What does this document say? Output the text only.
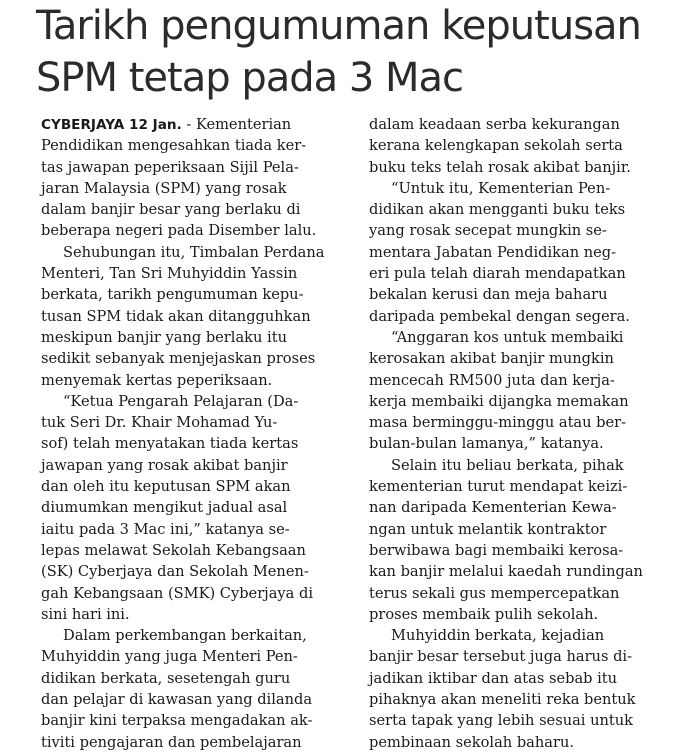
Tarikh pengumuman keputusan
SPM tetap pada 3 Mac
CYBERJAYA 12 Jan. - Kementerian
Pendidikan mengesahkan tiada ker-
tas jawapan peperiksaan Sijil Pela-
jaran Malaysia (SPM) yang rosak
dalam banjir besar yang berlaku di
beberapa negeri pada Disember lalu.
Sehubungan itu, Timbalan Perdana
Menteri, Tan Sri Muhyiddin Yassin
berkata, tarikh pengumuman kepu-
tusan SPM tidak akan ditangguhkan
meskipun banjir yang berlaku itu
sedikit sebanyak menjejaskan proses
menyemak kertas peperiksaan.
“Ketua Pengarah Pelajaran (Da-
tuk Seri Dr. Khair Mohamad Yu-
sof) telah menyatakan tiada kertas
jawapan yang rosak akibat banjir
dan oleh itu keputusan SPM akan
diumumkan mengikut jadual asal
iaitu pada 3 Mac ini,” katanya se-
lepas melawat Sekolah Kebangsaan
(SK) Cyberjaya dan Sekolah Menen-
gah Kebangsaan (SMK) Cyberjaya di
sini hari ini.
Dalam perkembangan berkaitan,
Muhyiddin yang juga Menteri Pen-
didikan berkata, sesetengah guru
dan pelajar di kawasan yang dilanda
banjir kini terpaksa mengadakan ak-
tiviti pengajaran dan pembelajaran
dalam keadaan serba kekurangan
kerana kelengkapan sekolah serta
buku teks telah rosak akibat banjir.
“Untuk itu, Kementerian Pen-
didikan akan mengganti buku teks
yang rosak secepat mungkin se-
mentara Jabatan Pendidikan neg-
eri pula telah diarah mendapatkan
bekalan kerusi dan meja baharu
daripada pembekal dengan segera.
“Anggaran kos untuk membaiki
kerosakan akibat banjir mungkin
mencecah RM500 juta dan kerja-
kerja membaiki dijangka memakan
masa berminggu-minggu atau ber-
bulan-bulan lamanya,” katanya.
Selain itu beliau berkata, pihak
kementerian turut mendapat keizi-
nan daripada Kementerian Kewa-
ngan untuk melantik kontraktor
berwibawa bagi membaiki kerosa-
kan banjir melalui kaedah rundingan
terus sekali gus mempercepatkan
proses membaik pulih sekolah.
Muhyiddin berkata, kejadian
banjir besar tersebut juga harus di-
jadikan iktibar dan atas sebab itu
pihaknya akan meneliti reka bentuk
serta tapak yang lebih sesuai untuk
pembinaan sekolah baharu.
